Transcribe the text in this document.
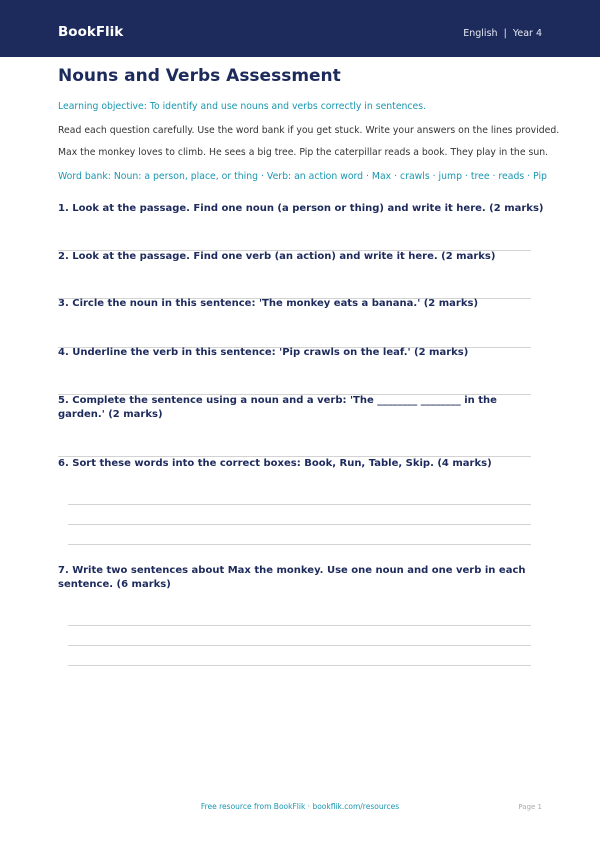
BookFlik	English  |  Year 4
Nouns and Verbs Assessment
Learning objective: To identify and use nouns and verbs correctly in sentences.
Read each question carefully. Use the word bank if you get stuck. Write your answers on the lines provided.
Max the monkey loves to climb. He sees a big tree. Pip the caterpillar reads a book. They play in the sun.
Word bank: Noun: a person, place, or thing · Verb: an action word · Max · crawls · jump · tree · reads · Pip
1. Look at the passage. Find one noun (a person or thing) and write it here. (2 marks)
2. Look at the passage. Find one verb (an action) and write it here. (2 marks)
3. Circle the noun in this sentence: 'The monkey eats a banana.' (2 marks)
4. Underline the verb in this sentence: 'Pip crawls on the leaf.' (2 marks)
5. Complete the sentence using a noun and a verb: 'The ________ ________ in the garden.' (2 marks)
6. Sort these words into the correct boxes: Book, Run, Table, Skip. (4 marks)
7. Write two sentences about Max the monkey. Use one noun and one verb in each sentence. (6 marks)
Free resource from BookFlik · bookflik.com/resources	Page 1
